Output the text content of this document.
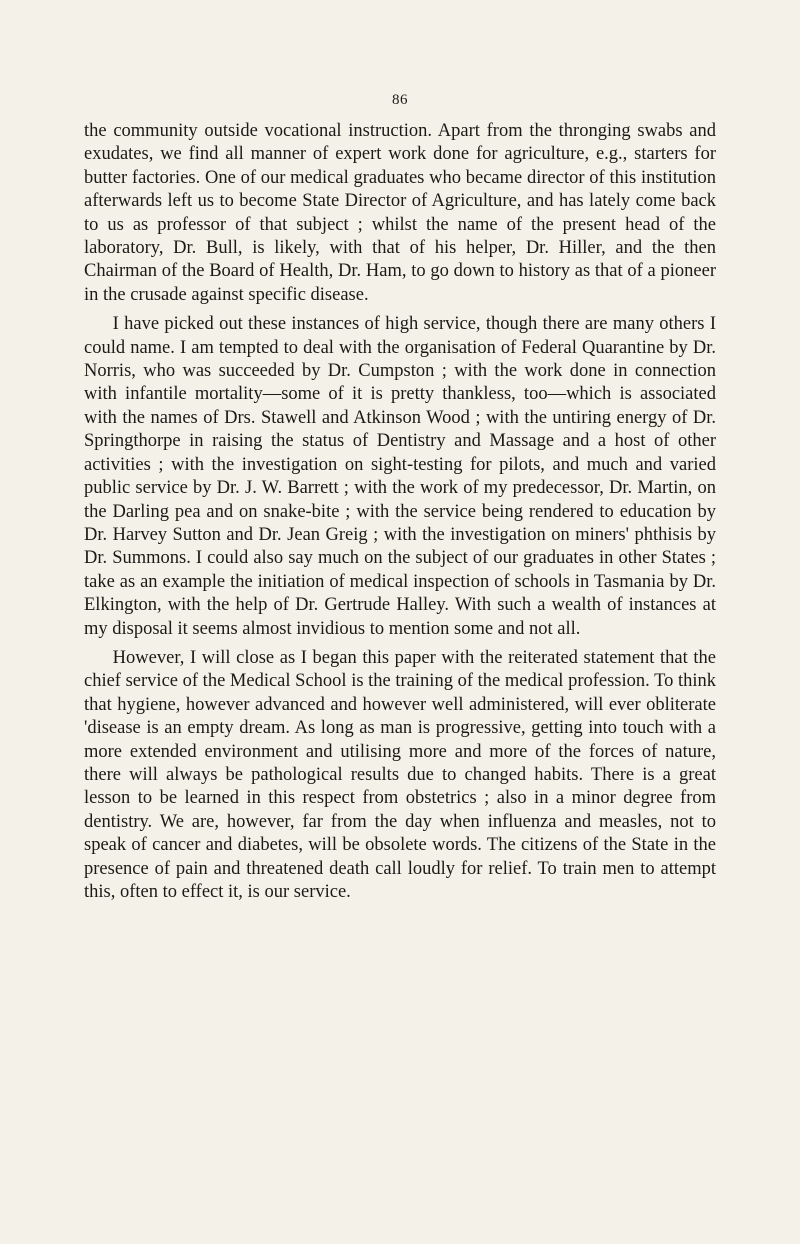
86

the community outside vocational instruction. Apart from the thronging swabs and exudates, we find all manner of expert work done for agriculture, e.g., starters for butter factories. One of our medical graduates who became director of this institution afterwards left us to become State Director of Agriculture, and has lately come back to us as professor of that subject ; whilst the name of the present head of the laboratory, Dr. Bull, is likely, with that of his helper, Dr. Hiller, and the then Chairman of the Board of Health, Dr. Ham, to go down to history as that of a pioneer in the crusade against specific disease.

I have picked out these instances of high service, though there are many others I could name. I am tempted to deal with the organisation of Federal Quarantine by Dr. Norris, who was succeeded by Dr. Cumpston ; with the work done in connection with infantile mortality—some of it is pretty thankless, too—which is associated with the names of Drs. Stawell and Atkinson Wood ; with the untiring energy of Dr. Springthorpe in raising the status of Dentistry and Massage and a host of other activities ; with the investigation on sight-testing for pilots, and much and varied public service by Dr. J. W. Barrett ; with the work of my predecessor, Dr. Martin, on the Darling pea and on snake-bite ; with the service being rendered to education by Dr. Harvey Sutton and Dr. Jean Greig ; with the investigation on miners' phthisis by Dr. Summons. I could also say much on the subject of our graduates in other States ; take as an example the initiation of medical inspection of schools in Tasmania by Dr. Elkington, with the help of Dr. Gertrude Halley. With such a wealth of instances at my disposal it seems almost invidious to mention some and not all.

However, I will close as I began this paper with the reiterated statement that the chief service of the Medical School is the training of the medical profession. To think that hygiene, however advanced and however well administered, will ever obliterate 'disease is an empty dream. As long as man is progressive, getting into touch with a more extended environment and utilising more and more of the forces of nature, there will always be pathological results due to changed habits. There is a great lesson to be learned in this respect from obstetrics ; also in a minor degree from dentistry. We are, however, far from the day when influenza and measles, not to speak of cancer and diabetes, will be obsolete words. The citizens of the State in the presence of pain and threatened death call loudly for relief. To train men to attempt this, often to effect it, is our service.
